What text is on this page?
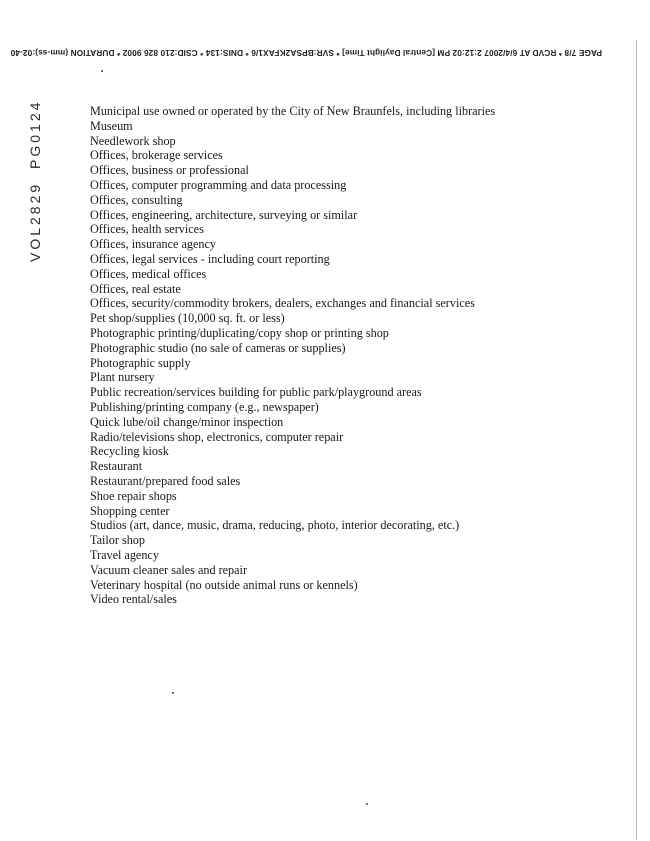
PAGE 7/8 * RCVD AT 6/4/2007 2:12:02 PM [Central Daylight Time] * SVR:BPSA2KFAX1/6 * DNIS:134 * CSID:210 826 9002 * DURATION (mm-ss):02-40
VOL2829 PG0124	Municipal use owned or operated by the City of New Braunfels, including libraries
Museum
Needlework shop
Offices, brokerage services
Offices, business or professional
Offices, computer programming and data processing
Offices, consulting
Offices, engineering, architecture, surveying or similar
Offices, health services
Offices, insurance agency
Offices, legal services - including court reporting
Offices, medical offices
Offices, real estate
Offices, security/commodity brokers, dealers, exchanges and financial services
Pet shop/supplies (10,000 sq. ft. or less)
Photographic printing/duplicating/copy shop or printing shop
Photographic studio (no sale of cameras or supplies)
Photographic supply
Plant nursery
Public recreation/services building for public park/playground areas
Publishing/printing company (e.g., newspaper)
Quick lube/oil change/minor inspection
Radio/televisions shop, electronics, computer repair
Recycling kiosk
Restaurant
Restaurant/prepared food sales
Shoe repair shops
Shopping center
Studios (art, dance, music, drama, reducing, photo, interior decorating, etc.)
Tailor shop
Travel agency
Vacuum cleaner sales and repair
Veterinary hospital (no outside animal runs or kennels)
Video rental/sales
